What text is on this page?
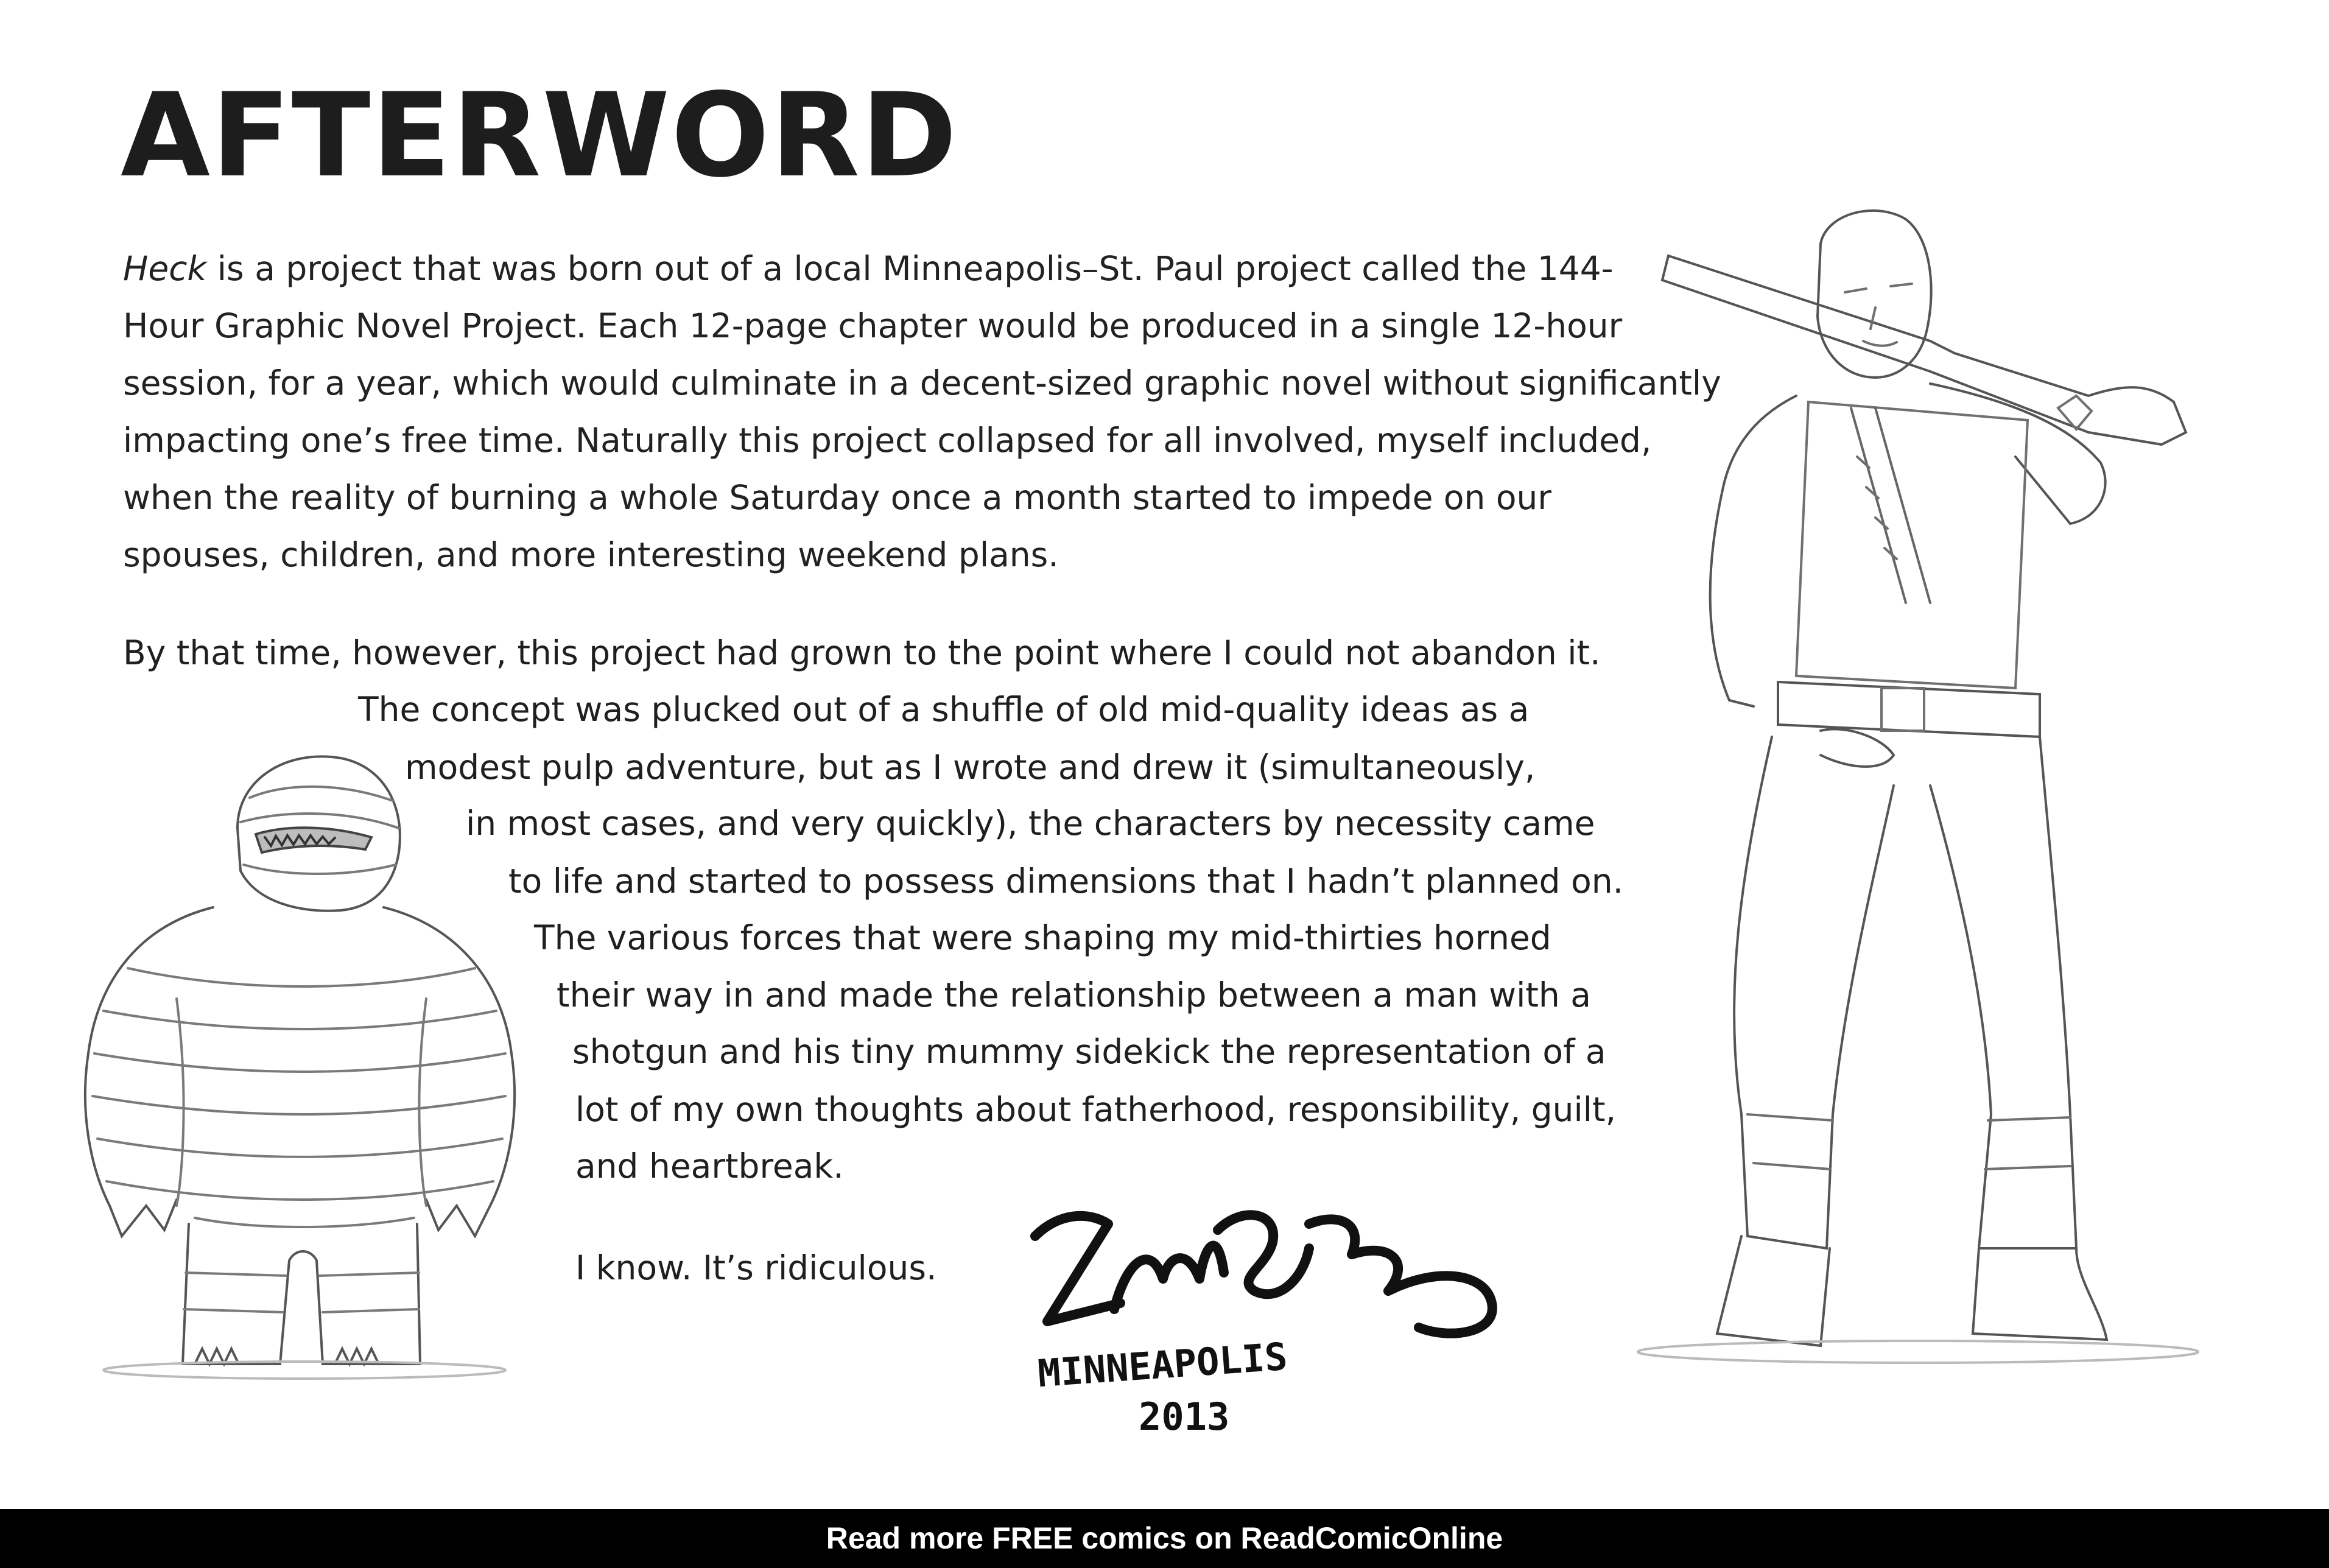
AFTERWORD
Heck is a project that was born out of a local Minneapolis–St. Paul project called the 144-
Hour Graphic Novel Project. Each 12-page chapter would be produced in a single 12-hour
session, for a year, which would culminate in a decent-sized graphic novel without significantly
impacting one’s free time. Naturally this project collapsed for all involved, myself included,
when the reality of burning a whole Saturday once a month started to impede on our
spouses, children, and more interesting weekend plans.
By that time, however, this project had grown to the point where I could not abandon it.
The concept was plucked out of a shuffle of old mid-quality ideas as a
modest pulp adventure, but as I wrote and drew it (simultaneously,
in most cases, and very quickly), the characters by necessity came
to life and started to possess dimensions that I hadn’t planned on.
The various forces that were shaping my mid-thirties horned
their way in and made the relationship between a man with a
shotgun and his tiny mummy sidekick the representation of a
lot of my own thoughts about fatherhood, responsibility, guilt,
and heartbreak.
I know. It’s ridiculous.
MINNEAPOLIS
2013
Read more FREE comics on ReadComicOnline
